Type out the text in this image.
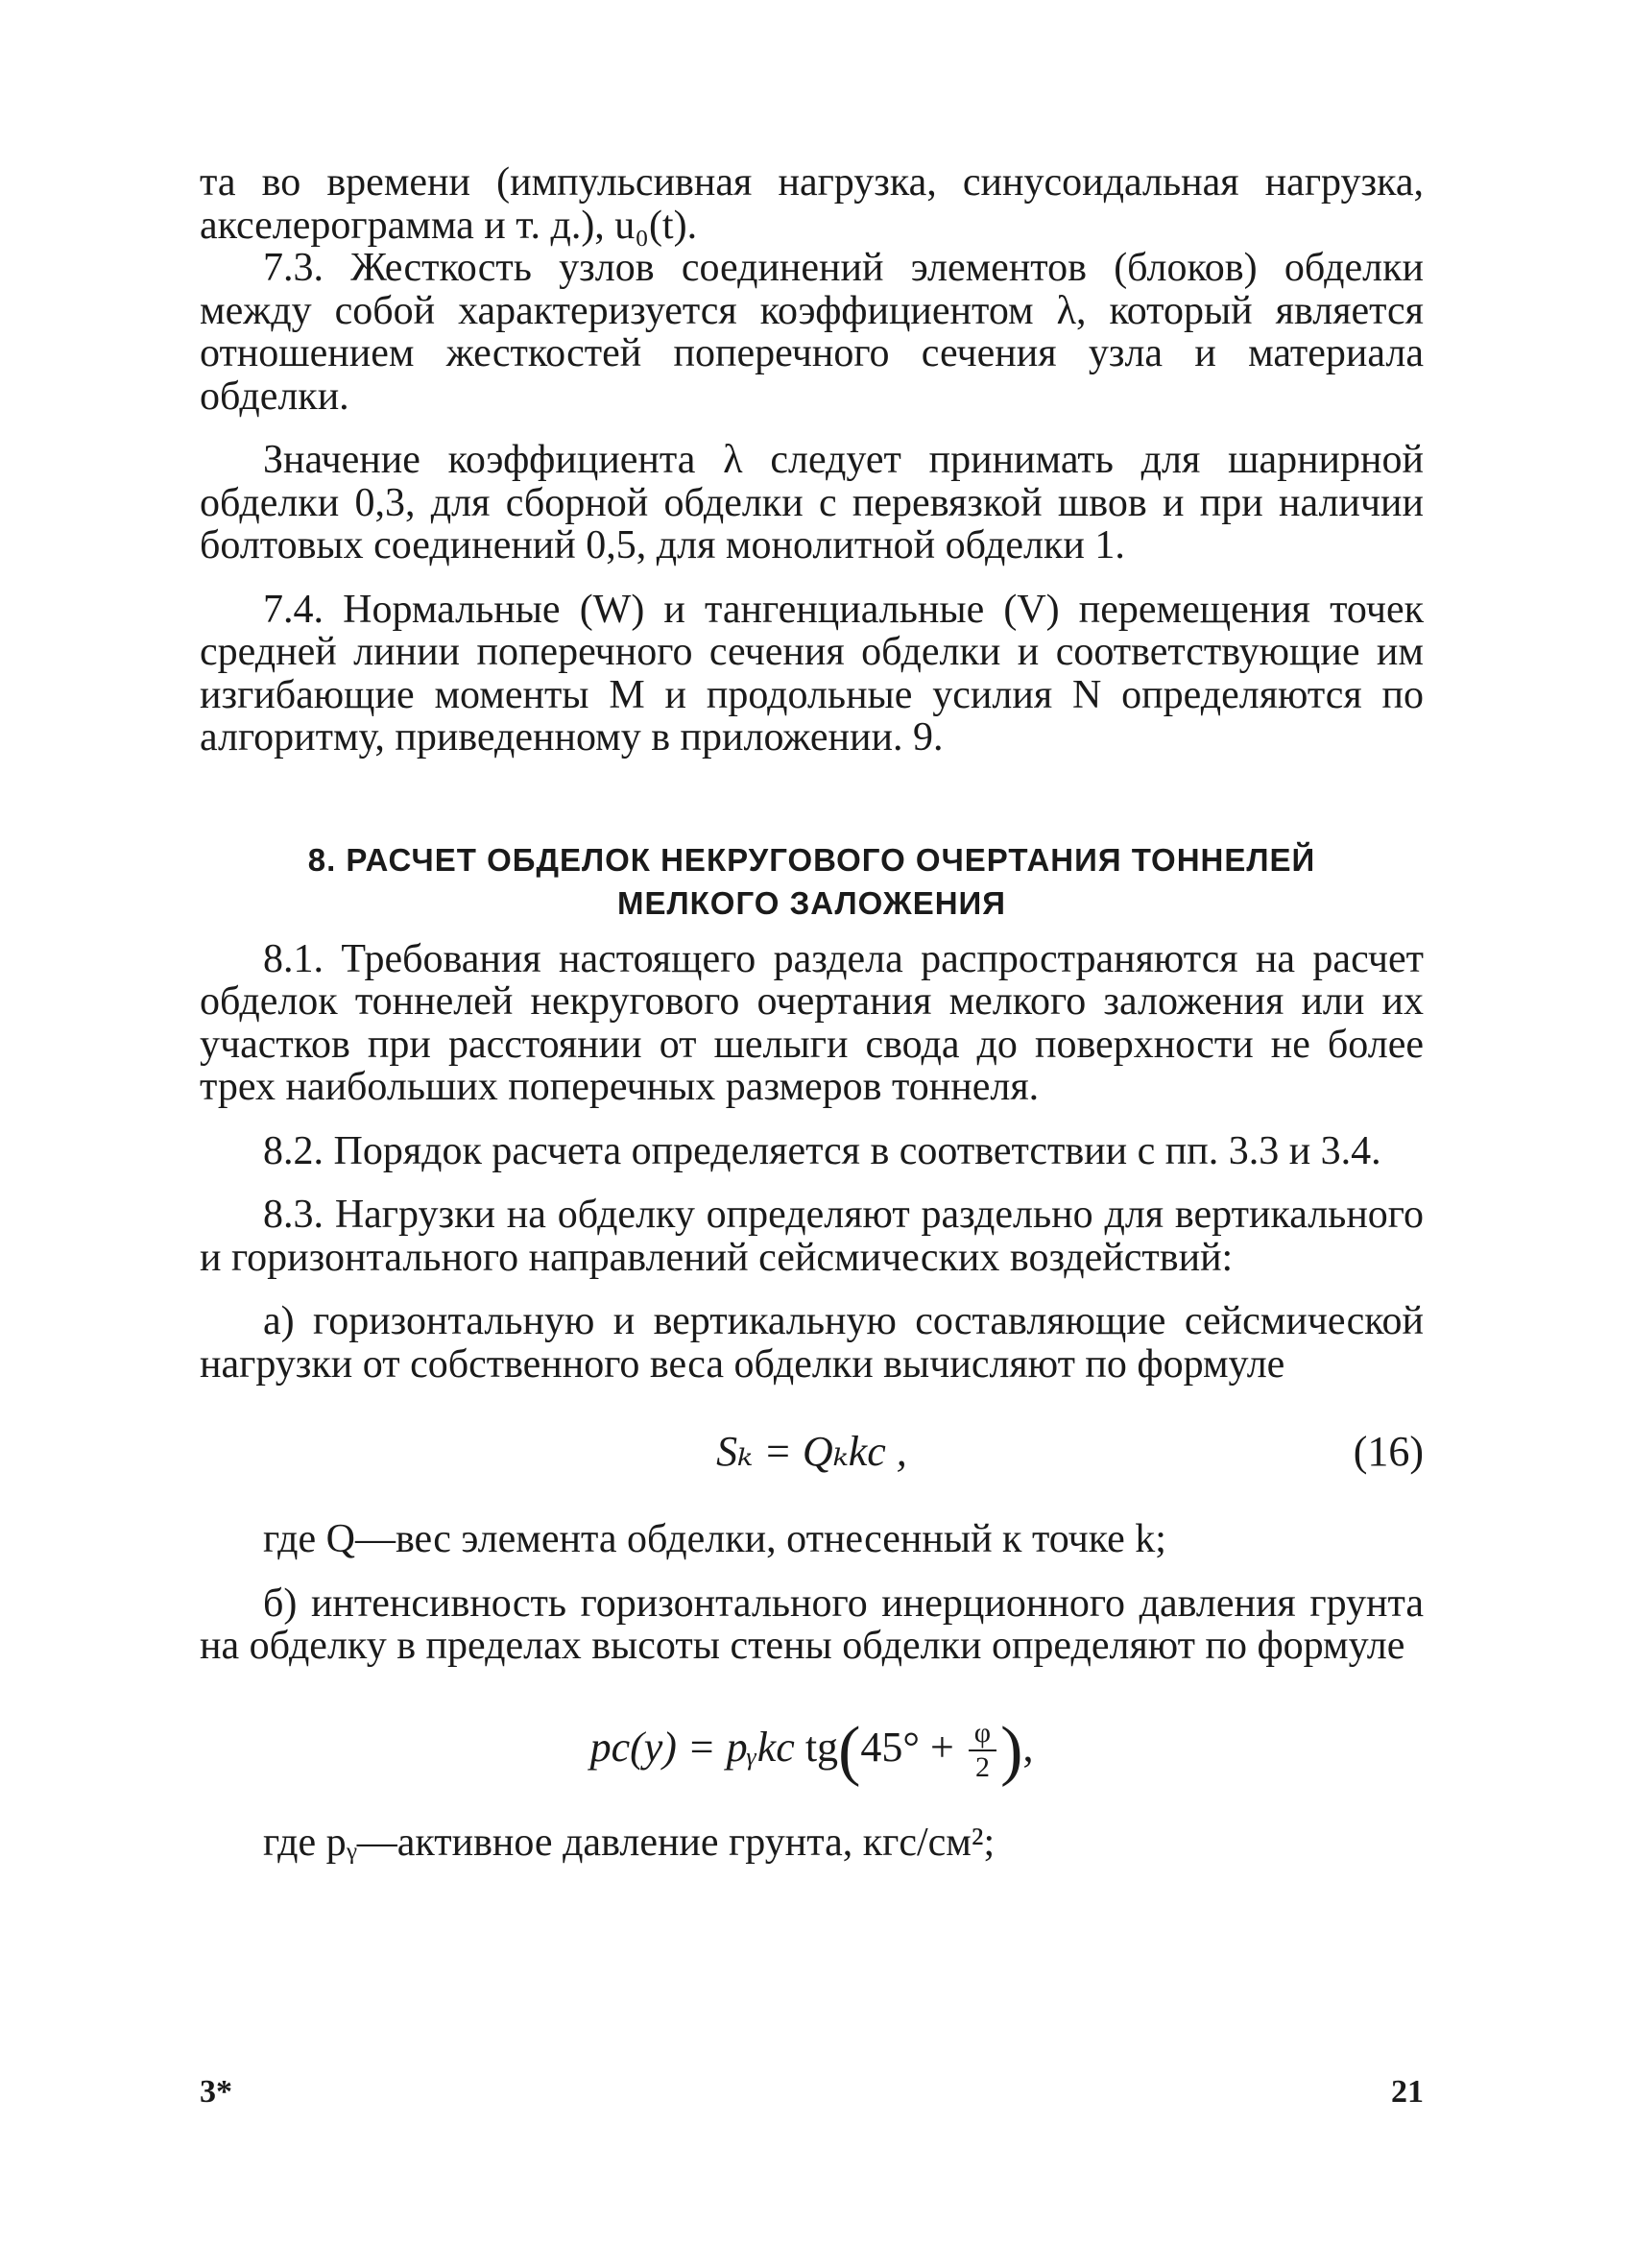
та во времени (импульсивная нагрузка, синусоидальная нагрузка, акселерограмма и т. д.), u₀(t).

7.3. Жесткость узлов соединений элементов (блоков) обделки между собой характеризуется коэффициентом λ, который является отношением жесткостей поперечного сечения узла и материала обделки.

Значение коэффициента λ следует принимать для шарнирной обделки 0,3, для сборной обделки с перевязкой швов и при наличии болтовых соединений 0,5, для монолитной обделки 1.

7.4. Нормальные (W) и тангенциальные (V) перемещения точек средней линии поперечного сечения обделки и соответствующие им изгибающие моменты M и продольные усилия N определяются по алгоритму, приведенному в приложении. 9.

8. РАСЧЕТ ОБДЕЛОК НЕКРУГОВОГО ОЧЕРТАНИЯ ТОННЕЛЕЙ
МЕЛКОГО ЗАЛОЖЕНИЯ

8.1. Требования настоящего раздела распространяются на расчет обделок тоннелей некругового очертания мелкого заложения или их участков при расстоянии от шелыги свода до поверхности не более трех наибольших поперечных размеров тоннеля.

8.2. Порядок расчета определяется в соответствии с пп. 3.3 и 3.4.

8.3. Нагрузки на обделку определяют раздельно для вертикального и горизонтального направлений сейсмических воздействий:

а) горизонтальную и вертикальную составляющие сейсмической нагрузки от собственного веса обделки вычисляют по формуле

Sₖ = Qₖkс ,	(16)

где Q—вес элемента обделки, отнесенный к точке k;

б) интенсивность горизонтального инерционного давления грунта на обделку в пределах высоты стены обделки определяют по формуле

pс(y) = pᵧkс $tg(45^\circ + \frac{\varphi}{2}$ ),

где pᵧ—активное давление грунта, кгс/см²;

3*	21
